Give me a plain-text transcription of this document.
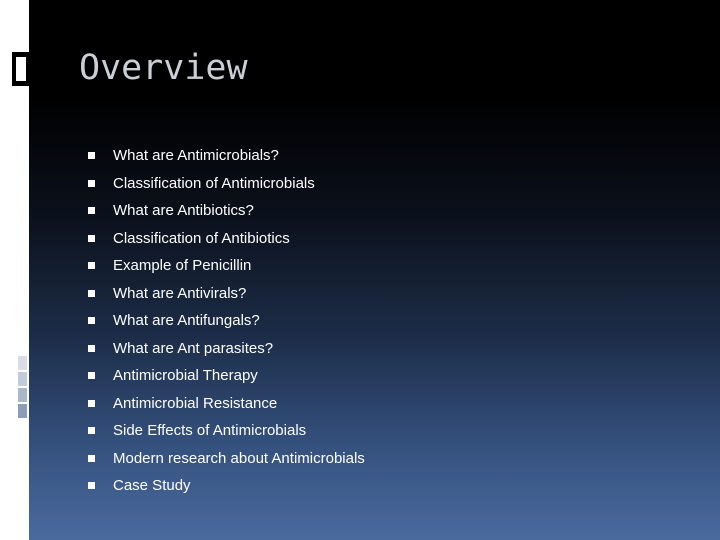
Overview
What are Antimicrobials?
Classification of Antimicrobials
What are Antibiotics?
Classification of Antibiotics
Example of Penicillin
What are Antivirals?
What are Antifungals?
What are Ant parasites?
Antimicrobial Therapy
Antimicrobial Resistance
Side Effects of Antimicrobials
Modern research about Antimicrobials
Case Study
